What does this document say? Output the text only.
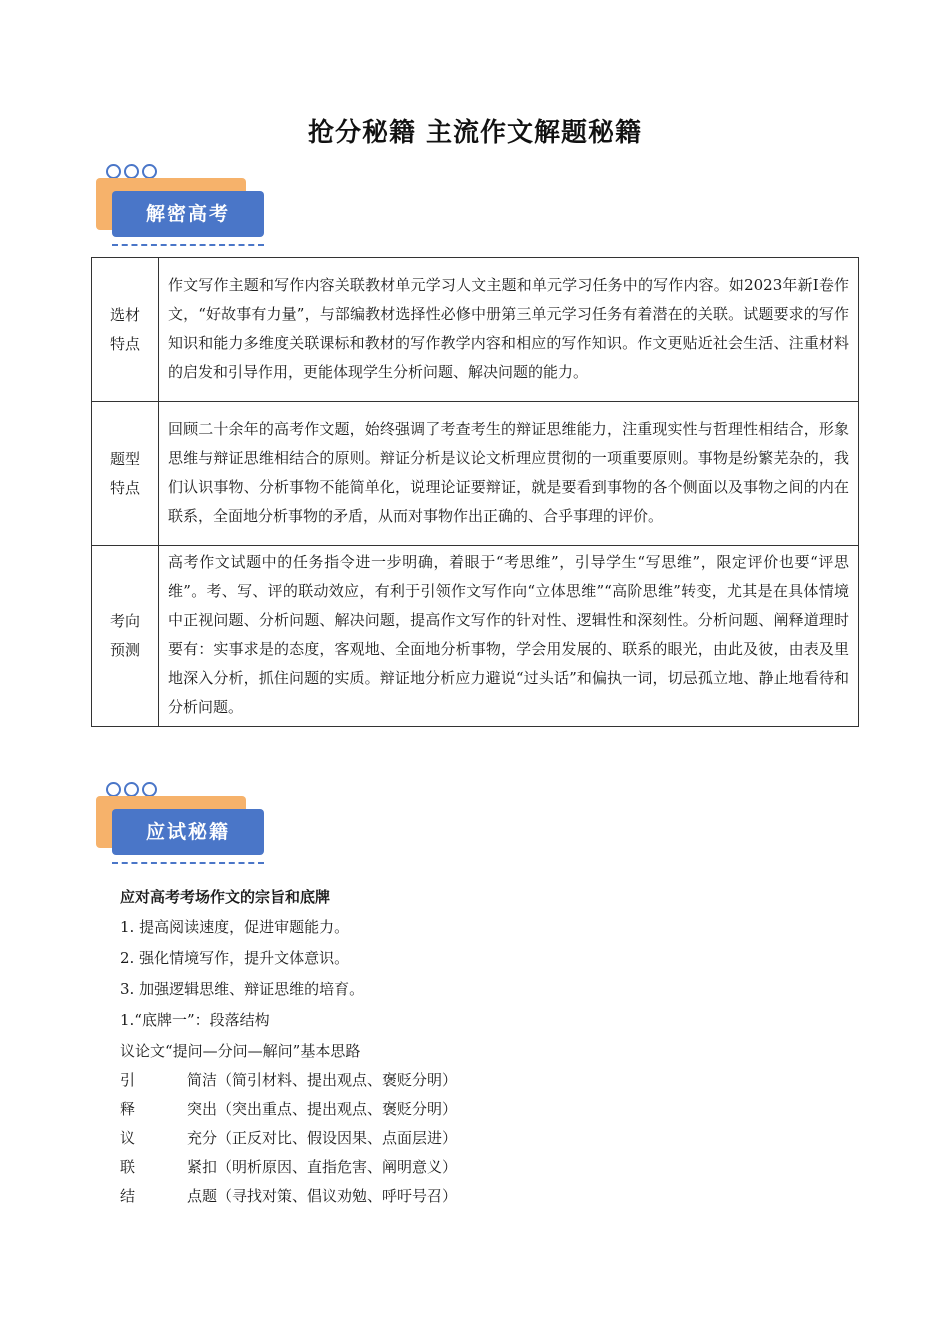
抢分秘籍 主流作文解题秘籍
解密高考
选材
特点	作文写作主题和写作内容关联教材单元学习人文主题和单元学习任务中的写作内容。如2023年新Ⅰ卷作文，“好故事有力量”，与部编教材选择性必修中册第三单元学习任务有着潜在的关联。试题要求的写作知识和能力多维度关联课标和教材的写作教学内容和相应的写作知识。作文更贴近社会生活、注重材料的启发和引导作用，更能体现学生分析问题、解决问题的能力。

题型
特点	回顾二十余年的高考作文题，始终强调了考查考生的辩证思维能力，注重现实性与哲理性相结合，形象思维与辩证思维相结合的原则。辩证分析是议论文析理应贯彻的一项重要原则。事物是纷繁芜杂的，我们认识事物、分析事物不能简单化，说理论证要辩证，就是要看到事物的各个侧面以及事物之间的内在联系，全面地分析事物的矛盾，从而对事物作出正确的、合乎事理的评价。

考向
预测	高考作文试题中的任务指令进一步明确，着眼于“考思维”，引导学生“写思维”，限定评价也要“评思维”。考、写、评的联动效应，有利于引领作文写作向“立体思维”“高阶思维”转变，尤其是在具体情境中正视问题、分析问题、解决问题，提高作文写作的针对性、逻辑性和深刻性。分析问题、阐释道理时要有：实事求是的态度，客观地、全面地分析事物，学会用发展的、联系的眼光，由此及彼，由表及里地深入分析，抓住问题的实质。辩证地分析应力避说“过头话”和偏执一词，切忌孤立地、静止地看待和分析问题。
应试秘籍
应对高考考场作文的宗旨和底牌
1. 提高阅读速度，促进审题能力。
2. 强化情境写作，提升文体意识。
3. 加强逻辑思维、辩证思维的培育。
1.“底牌一”：段落结构
议论文“提问—分问—解问”基本思路
引	简洁（简引材料、提出观点、褒贬分明）
释	突出（突出重点、提出观点、褒贬分明）
议	充分（正反对比、假设因果、点面层进）
联	紧扣（明析原因、直指危害、阐明意义）
结	点题（寻找对策、倡议劝勉、呼吁号召）
